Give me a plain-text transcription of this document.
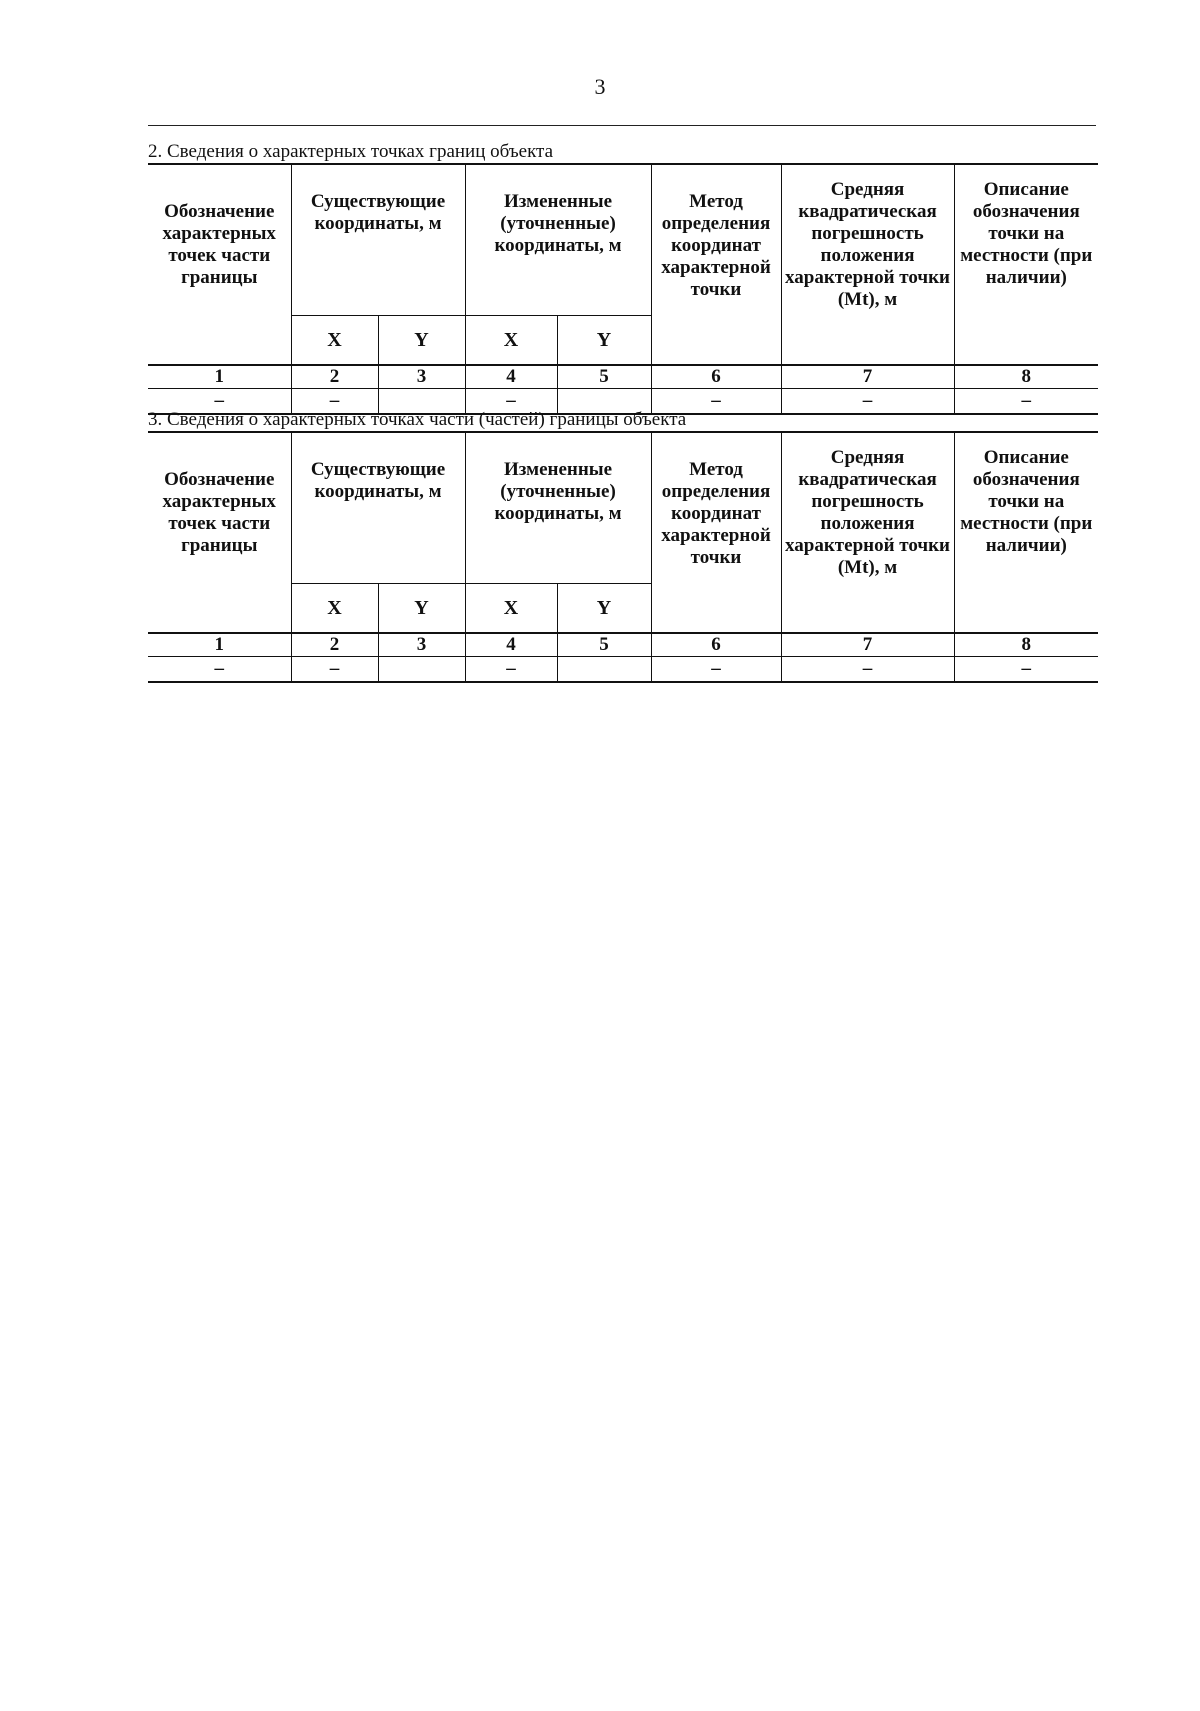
3
2. Сведения о характерных точках границ объекта
Обозначение характерных точек части границы	Существующие координаты, м		Измененные (уточненные) координаты, м		Метод определения координат характерной точки	Средняя квадратическая погрешность положения характерной точки (Mt), м	Описание обозначения точки на местности (при наличии)
	X	Y	X	Y			
1	2	3	4	5	6	7	8
–	–		–		–	–	–
3. Сведения о характерных точках части (частей) границы объекта
Обозначение характерных точек части границы	Существующие координаты, м		Измененные (уточненные) координаты, м		Метод определения координат характерной точки	Средняя квадратическая погрешность положения характерной точки (Mt), м	Описание обозначения точки на местности (при наличии)
	X	Y	X	Y			
1	2	3	4	5	6	7	8
–	–		–		–	–	–
